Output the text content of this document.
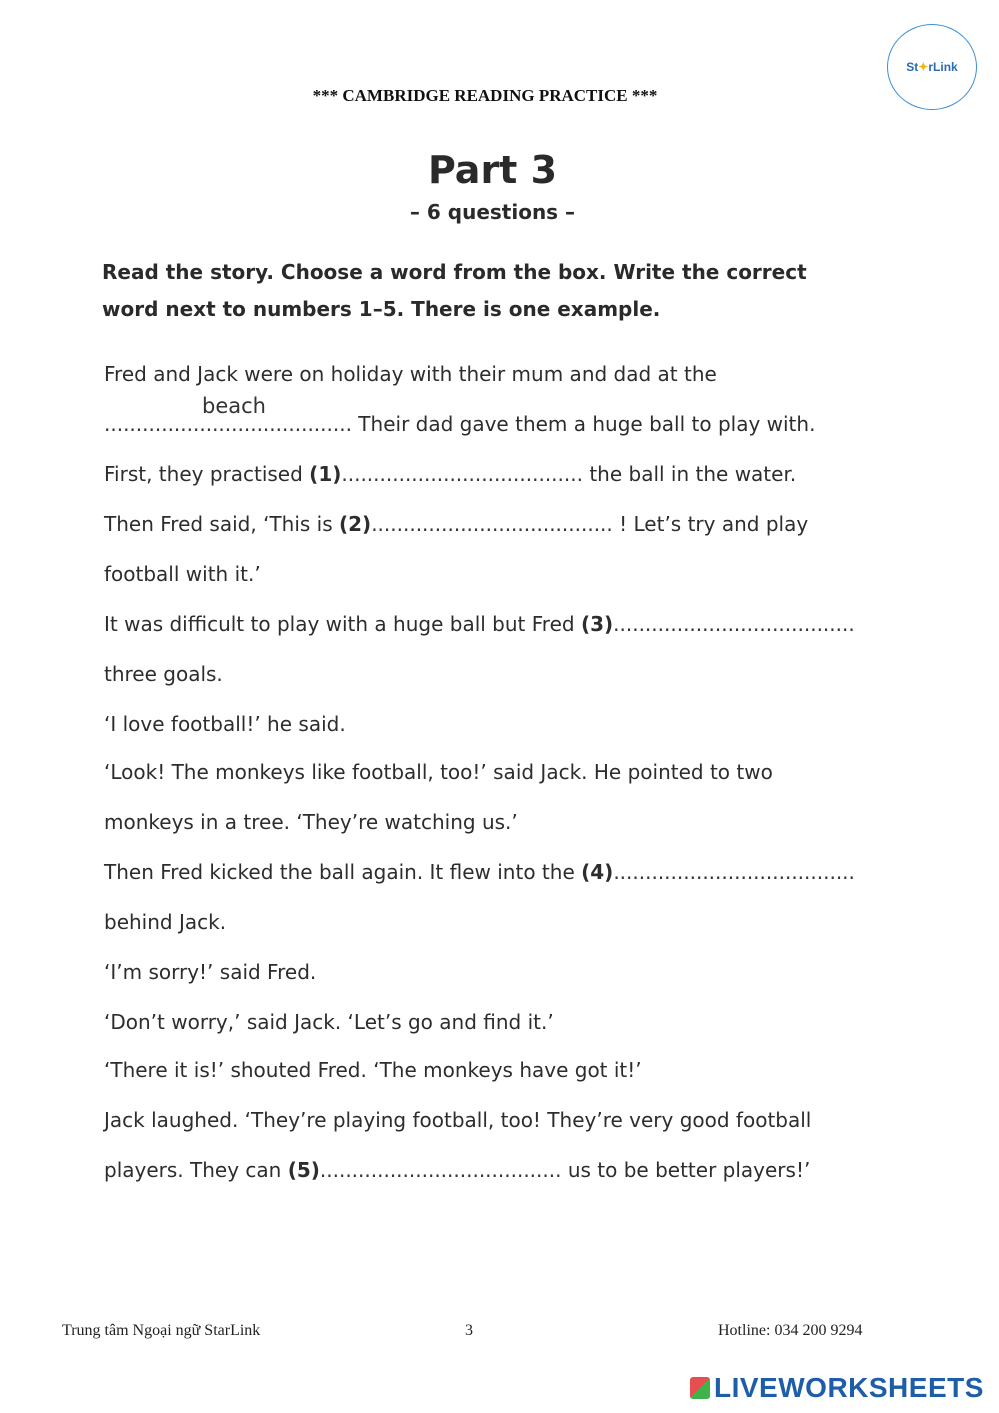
*** CAMBRIDGE READING PRACTICE ***
St ✦ rLink
Part 3
– 6 questions –
Read the story. Choose a word from the box. Write the correct
word next to numbers 1–5. There is one example.
Fred and Jack were on holiday with their mum and dad at the
beach
....................................... Their dad gave them a huge ball to play with.
First, they practised (1)...................................... the ball in the water.
Then Fred said, ‘This is (2)...................................... ! Let’s try and play
football with it.’
It was difficult to play with a huge ball but Fred (3)......................................
three goals.
‘I love football!’ he said.
‘Look! The monkeys like football, too!’ said Jack. He pointed to two
monkeys in a tree. ‘They’re watching us.’
Then Fred kicked the ball again. It flew into the (4)......................................
behind Jack.
‘I’m sorry!’ said Fred.
‘Don’t worry,’ said Jack. ‘Let’s go and find it.’
‘There it is!’ shouted Fred. ‘The monkeys have got it!’
Jack laughed. ‘They’re playing football, too! They’re very good football
players. They can (5)...................................... us to be better players!’
Trung tâm Ngoại ngữ StarLink	3	Hotline: 034 200 9294
LIVEWORKSHEETS
